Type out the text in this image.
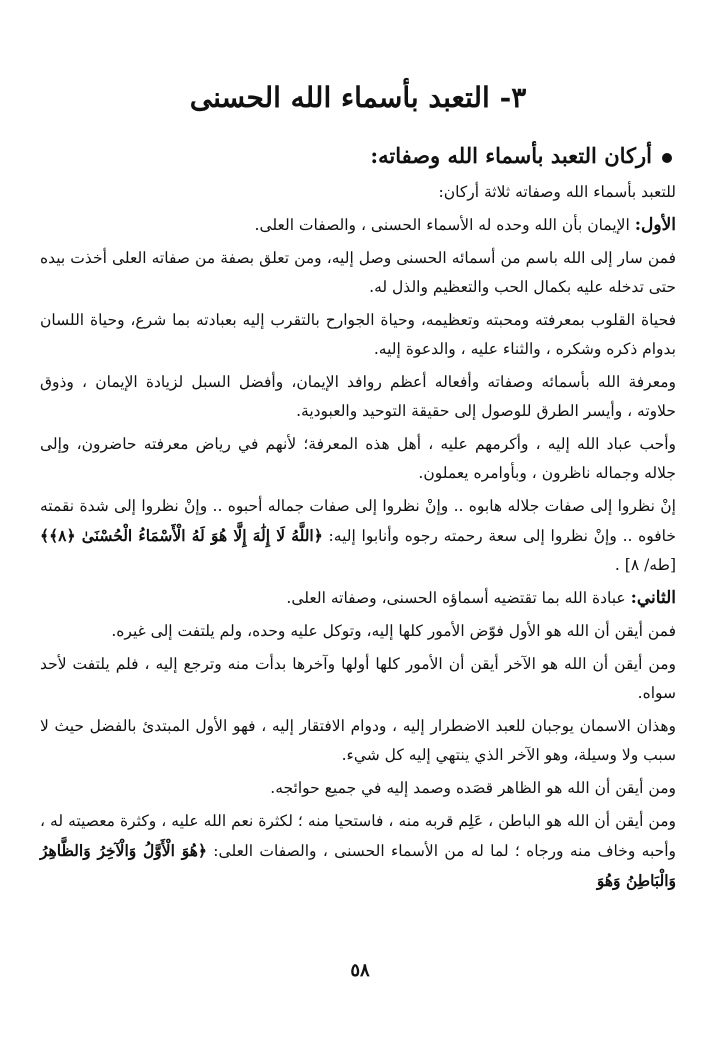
٣- التعبد بأسماء الله الحسنى
أركان التعبد بأسماء الله وصفاته:

للتعبد بأسماء الله وصفاته ثلاثة أركان:

الأول: الإيمان بأن الله وحده له الأسماء الحسنى ، والصفات العلى.

فمن سار إلى الله باسم من أسمائه الحسنى وصل إليه، ومن تعلق بصفة من صفاته العلى أخذت بيده حتى تدخله عليه بكمال الحب والتعظيم والذل له.

فحياة القلوب بمعرفته ومحبته وتعظيمه، وحياة الجوارح بالتقرب إليه بعبادته بما شرع، وحياة اللسان بدوام ذكره وشكره ، والثناء عليه ، والدعوة إليه.

ومعرفة الله بأسمائه وصفاته وأفعاله أعظم روافد الإيمان، وأفضل السبل لزيادة الإيمان ، وذوق حلاوته ، وأيسر الطرق للوصول إلى حقيقة التوحيد والعبودية.

وأحب عباد الله إليه ، وأكرمهم عليه ، أهل هذه المعرفة؛ لأنهم في رياض معرفته حاضرون، وإلى جلاله وجماله ناظرون ، وبأوامره يعملون.

إنْ نظروا إلى صفات جلاله هابوه .. وإنْ نظروا إلى صفات جماله أحبوه .. وإنْ نظروا إلى شدة نقمته خافوه .. وإنْ نظروا إلى سعة رحمته رجوه وأنابوا إليه: ﴿اللَّهُ لَا إِلَٰهَ إِلَّا هُوَ لَهُ الْأَسْمَاءُ الْحُسْنَىٰ ﴿٨﴾﴾ [طه/ ٨] .

الثاني: عبادة الله بما تقتضيه أسماؤه الحسنى، وصفاته العلى.

فمن أيقن أن الله هو الأول فوّض الأمور كلها إليه، وتوكل عليه وحده، ولم يلتفت إلى غيره.

ومن أيقن أن الله هو الآخر أيقن أن الأمور كلها أولها وآخرها بدأت منه وترجع إليه ، فلم يلتفت لأحد سواه.

وهذان الاسمان يوجبان للعبد الاضطرار إليه ، ودوام الافتقار إليه ، فهو الأول المبتدئ بالفضل حيث لا سبب ولا وسيلة، وهو الآخر الذي ينتهي إليه كل شيء.

ومن أيقن أن الله هو الظاهر قصَده وصمد إليه في جميع حوائجه.

ومن أيقن أن الله هو الباطن ، عَلِم قربه منه ، فاستحيا منه ؛ لكثرة نعم الله عليه ، وكثرة معصيته له ، وأحبه وخاف منه ورجاه ؛ لما له من الأسماء الحسنى ، والصفات العلى: ﴿هُوَ الْأَوَّلُ وَالْآخِرُ وَالظَّاهِرُ وَالْبَاطِنُ وَهُوَ

٥٨
